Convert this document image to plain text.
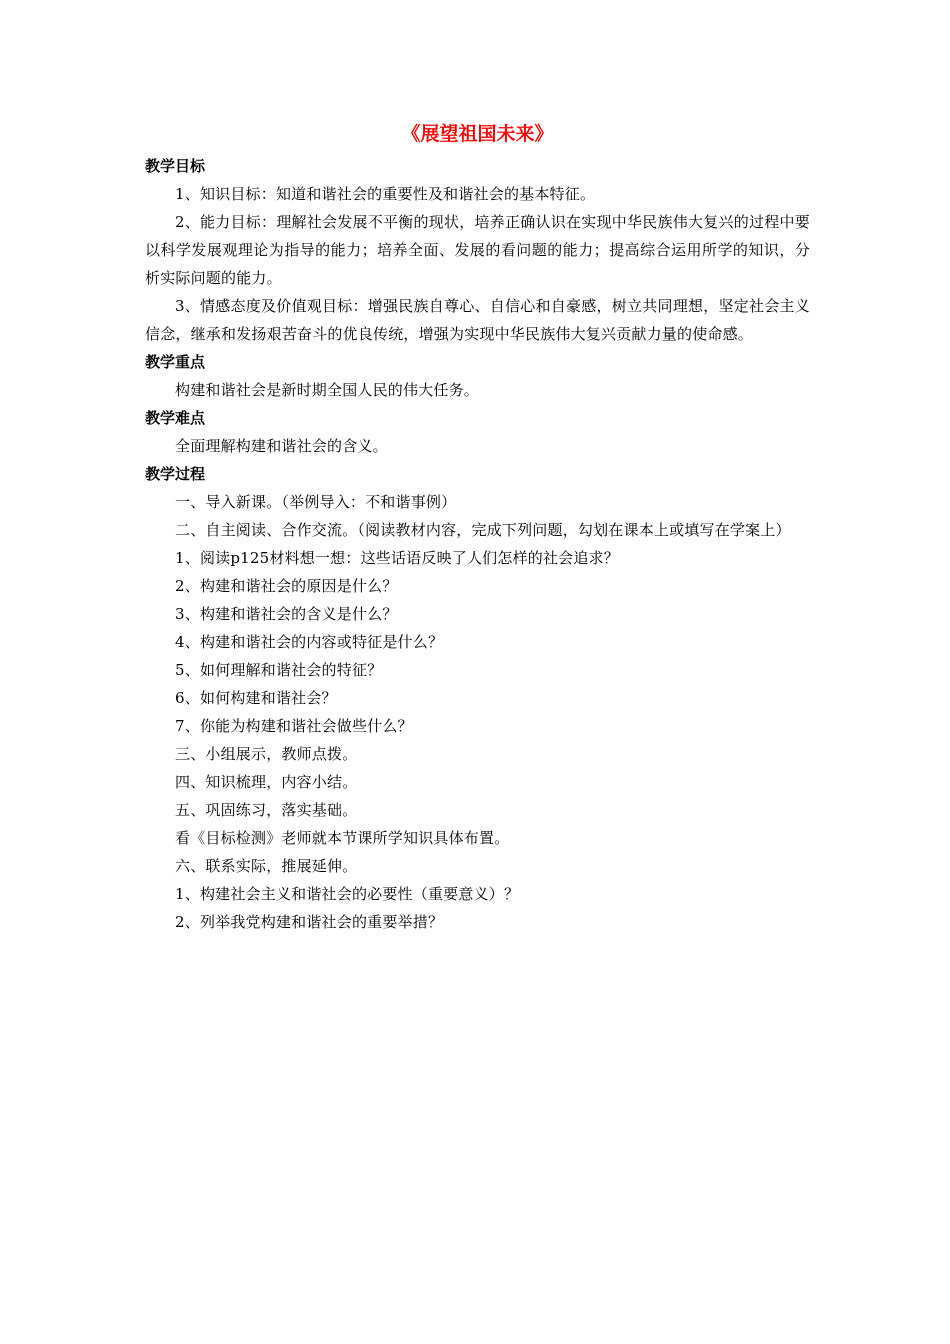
《展望祖国未来》
教学目标
1、知识目标：知道和谐社会的重要性及和谐社会的基本特征。
2、能力目标：理解社会发展不平衡的现状，培养正确认识在实现中华民族伟大复兴的过程中要以科学发展观理论为指导的能力；培养全面、发展的看问题的能力；提高综合运用所学的知识，分析实际问题的能力。
3、情感态度及价值观目标：增强民族自尊心、自信心和自豪感，树立共同理想，坚定社会主义信念，继承和发扬艰苦奋斗的优良传统，增强为实现中华民族伟大复兴贡献力量的使命感。
教学重点
构建和谐社会是新时期全国人民的伟大任务。
教学难点
全面理解构建和谐社会的含义。
教学过程
一、导入新课。（举例导入：不和谐事例）
二、自主阅读、合作交流。（阅读教材内容，完成下列问题，勾划在课本上或填写在学案上）
1、阅读p125材料想一想：这些话语反映了人们怎样的社会追求？
2、构建和谐社会的原因是什么？
3、构建和谐社会的含义是什么？
4、构建和谐社会的内容或特征是什么？
5、如何理解和谐社会的特征？
6、如何构建和谐社会？
7、你能为构建和谐社会做些什么？
三、小组展示，教师点拨。
四、知识梳理，内容小结。
五、巩固练习，落实基础。
看《目标检测》老师就本节课所学知识具体布置。
六、联系实际，推展延伸。
1、构建社会主义和谐社会的必要性（重要意义）？
2、列举我党构建和谐社会的重要举措？
